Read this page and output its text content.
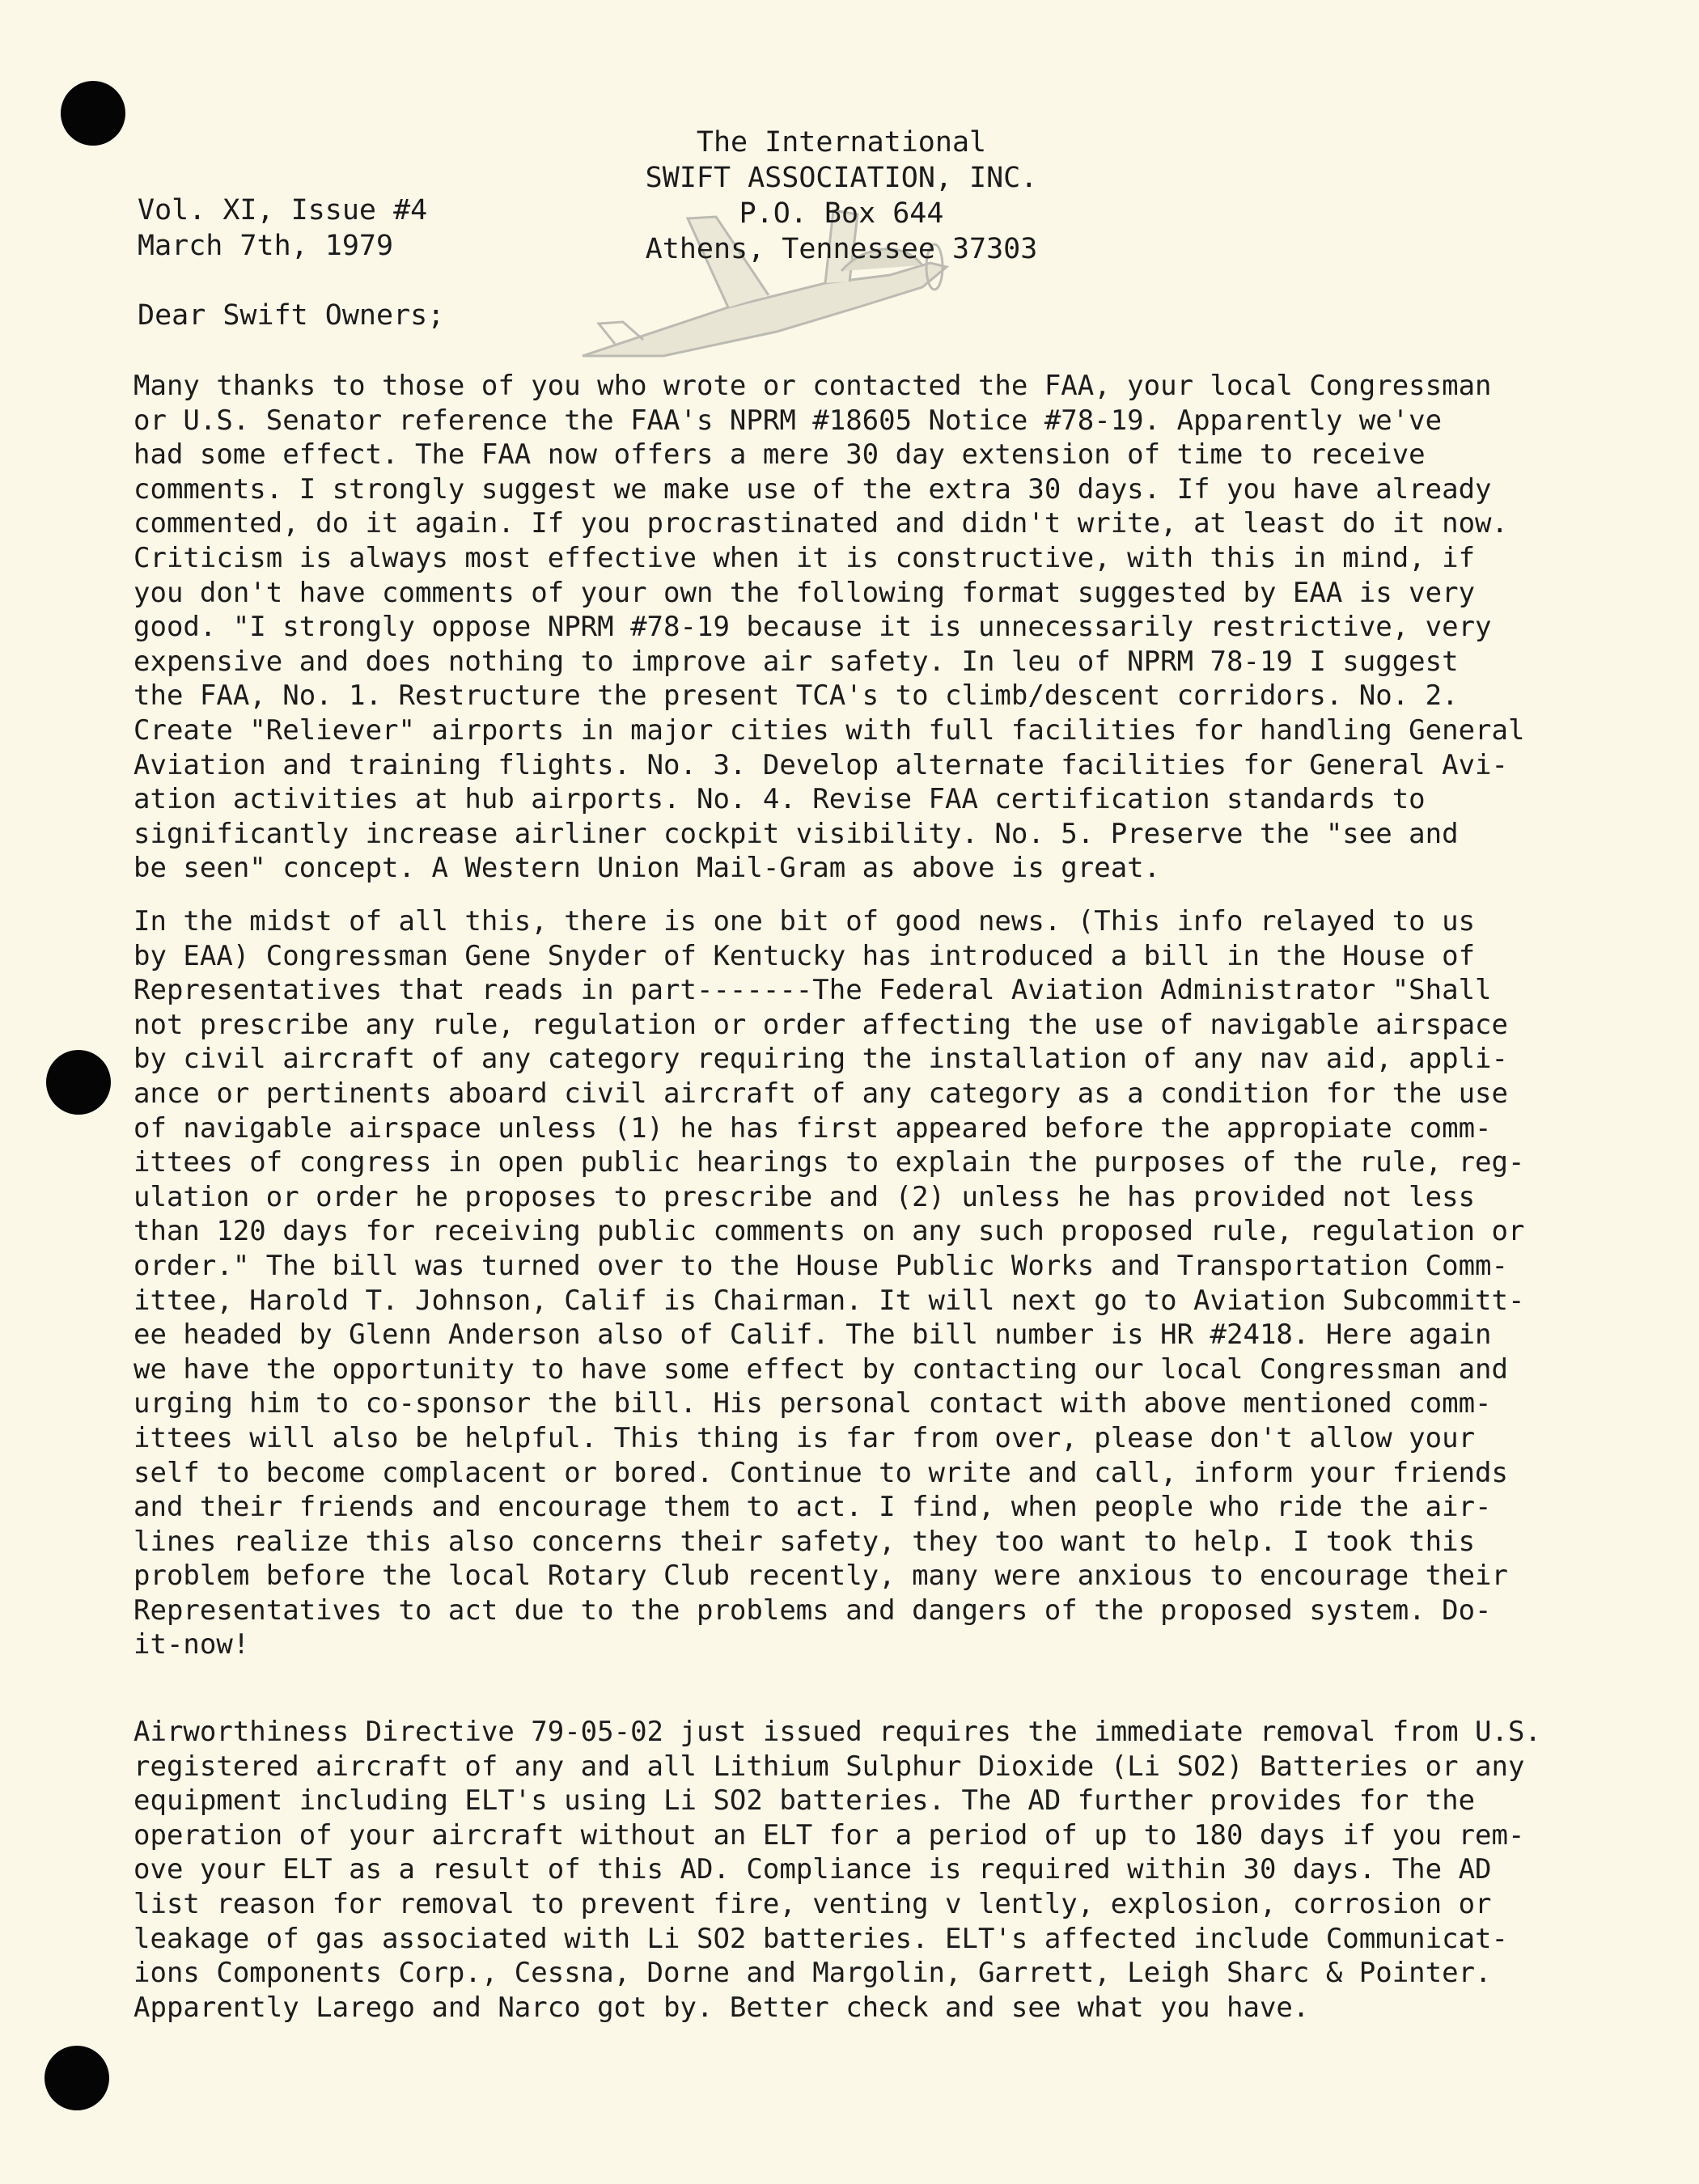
The International
SWIFT ASSOCIATION, INC.
P.O. Box 644
Athens, Tennessee 37303
Vol. XI, Issue #4
March 7th, 1979
Dear Swift Owners;
Many thanks to those of you who wrote or contacted the FAA, your local Congressman
or U.S. Senator reference the FAA's NPRM #18605 Notice #78-19. Apparently we've
had some effect. The FAA now offers a mere 30 day extension of time to receive
comments. I strongly suggest we make use of the extra 30 days. If you have already
commented, do it again. If you procrastinated and didn't write, at least do it now.
Criticism is always most effective when it is constructive, with this in mind, if
you don't have comments of your own the following format suggested by EAA is very
good. "I strongly oppose NPRM #78-19 because it is unnecessarily restrictive, very
expensive and does nothing to improve air safety. In leu of NPRM 78-19 I suggest
the FAA, No. 1. Restructure the present TCA's to climb/descent corridors. No. 2.
Create "Reliever" airports in major cities with full facilities for handling General
Aviation and training flights. No. 3. Develop alternate facilities for General Avi-
ation activities at hub airports. No. 4. Revise FAA certification standards to
significantly increase airliner cockpit visibility. No. 5. Preserve the "see and
be seen" concept. A Western Union Mail-Gram as above is great.
In the midst of all this, there is one bit of good news. (This info relayed to us
by EAA) Congressman Gene Snyder of Kentucky has introduced a bill in the House of
Representatives that reads in part-------The Federal Aviation Administrator "Shall
not prescribe any rule, regulation or order affecting the use of navigable airspace
by civil aircraft of any category requiring the installation of any nav aid, appli-
ance or pertinents aboard civil aircraft of any category as a condition for the use
of navigable airspace unless (1) he has first appeared before the appropiate comm-
ittees of congress in open public hearings to explain the purposes of the rule, reg-
ulation or order he proposes to prescribe and (2) unless he has provided not less
than 120 days for receiving public comments on any such proposed rule, regulation or
order." The bill was turned over to the House Public Works and Transportation Comm-
ittee, Harold T. Johnson, Calif is Chairman. It will next go to Aviation Subcommitt-
ee headed by Glenn Anderson also of Calif. The bill number is HR #2418. Here again
we have the opportunity to have some effect by contacting our local Congressman and
urging him to co-sponsor the bill. His personal contact with above mentioned comm-
ittees will also be helpful. This thing is far from over, please don't allow your
self to become complacent or bored. Continue to write and call, inform your friends
and their friends and encourage them to act. I find, when people who ride the air-
lines realize this also concerns their safety, they too want to help. I took this
problem before the local Rotary Club recently, many were anxious to encourage their
Representatives to act due to the problems and dangers of the proposed system. Do-
it-now!
Airworthiness Directive 79-05-02 just issued requires the immediate removal from U.S.
registered aircraft of any and all Lithium Sulphur Dioxide (Li SO2) Batteries or any
equipment including ELT's using Li SO2 batteries. The AD further provides for the
operation of your aircraft without an ELT for a period of up to 180 days if you rem-
ove your ELT as a result of this AD. Compliance is required within 30 days. The AD
list reason for removal to prevent fire, venting v lently, explosion, corrosion or
leakage of gas associated with Li SO2 batteries. ELT's affected include Communicat-
ions Components Corp., Cessna, Dorne and Margolin, Garrett, Leigh Sharc & Pointer.
Apparently Larego and Narco got by. Better check and see what you have.
